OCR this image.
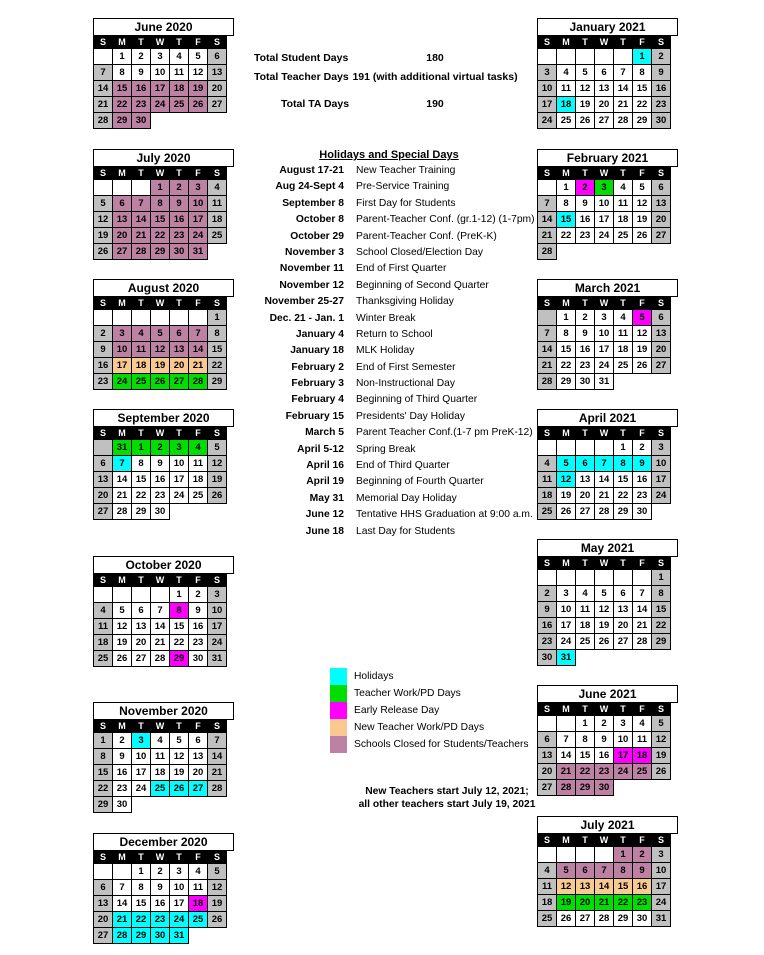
June 2020
S	M	T	W	T	F	S
	1	2	3	4	5	6
7	8	9	10	11	12	13
14	15	16	17	18	19	20
21	22	23	24	25	26	27
28	29	30				
July 2020
S	M	T	W	T	F	S
			1	2	3	4
5	6	7	8	9	10	11
12	13	14	15	16	17	18
19	20	21	22	23	24	25
26	27	28	29	30	31	
August 2020
S	M	T	W	T	F	S
						1
2	3	4	5	6	7	8
9	10	11	12	13	14	15
16	17	18	19	20	21	22
23	24	25	26	27	28	29
September 2020
S	M	T	W	T	F	S
	31	1	2	3	4	5
6	7	8	9	10	11	12
13	14	15	16	17	18	19
20	21	22	23	24	25	26
27	28	29	30			
October 2020
S	M	T	W	T	F	S
				1	2	3
4	5	6	7	8	9	10
11	12	13	14	15	16	17
18	19	20	21	22	23	24
25	26	27	28	29	30	31
November 2020
S	M	T	W	T	F	S
1	2	3	4	5	6	7
8	9	10	11	12	13	14
15	16	17	18	19	20	21
22	23	24	25	26	27	28
29	30					
December 2020
S	M	T	W	T	F	S
		1	2	3	4	5
6	7	8	9	10	11	12
13	14	15	16	17	18	19
20	21	22	23	24	25	26
27	28	29	30	31		
January 2021
S	M	T	W	T	F	S
					1	2
3	4	5	6	7	8	9
10	11	12	13	14	15	16
17	18	19	20	21	22	23
24	25	26	27	28	29	30
February 2021
S	M	T	W	T	F	S
	1	2	3	4	5	6
7	8	9	10	11	12	13
14	15	16	17	18	19	20
21	22	23	24	25	26	27
28						
March 2021
S	M	T	W	T	F	S
	1	2	3	4	5	6
7	8	9	10	11	12	13
14	15	16	17	18	19	20
21	22	23	24	25	26	27
28	29	30	31			
April 2021
S	M	T	W	T	F	S
				1	2	3
4	5	6	7	8	9	10
11	12	13	14	15	16	17
18	19	20	21	22	23	24
25	26	27	28	29	30	
May 2021
S	M	T	W	T	F	S
						1
2	3	4	5	6	7	8
9	10	11	12	13	14	15
16	17	18	19	20	21	22
23	24	25	26	27	28	29
30	31					
June 2021
S	M	T	W	T	F	S
		1	2	3	4	5
6	7	8	9	10	11	12
13	14	15	16	17	18	19
20	21	22	23	24	25	26
27	28	29	30			
July 2021
S	M	T	W	T	F	S
				1	2	3
4	5	6	7	8	9	10
11	12	13	14	15	16	17
18	19	20	21	22	23	24
25	26	27	28	29	30	31
Total Student Days	180
Total Teacher Days 191 (with additional virtual tasks)
Total TA Days	190
Holidays and Special Days
August 17-21 New Teacher Training
Aug 24-Sept 4 Pre-Service Training
September 8 First Day for Students
October 8 Parent-Teacher Conf. (gr.1-12) (1-7pm)
October 29 Parent-Teacher Conf. (PreK-K)
November 3 School Closed/Election Day
November 11 End of First Quarter
November 12 Beginning of Second Quarter
November 25-27 Thanksgiving Holiday
Dec. 21 - Jan. 1 Winter Break
January 4 Return to School
January 18 MLK Holiday
February 2 End of First Semester
February 3 Non-Instructional Day
February 4 Beginning of Third Quarter
February 15 Presidents' Day Holiday
March 5 Parent Teacher Conf.(1-7 pm PreK-12)
April 5-12 Spring Break
April 16 End of Third Quarter
April 19 Beginning of Fourth Quarter
May 31 Memorial Day Holiday
June 12 Tentative HHS Graduation at 9:00 a.m.
June 18 Last Day for Students
Holidays
Teacher Work/PD Days
Early Release Day
New Teacher Work/PD Days
Schools Closed for Students/Teachers
New Teachers start July 12, 2021;
all other teachers start July 19, 2021
